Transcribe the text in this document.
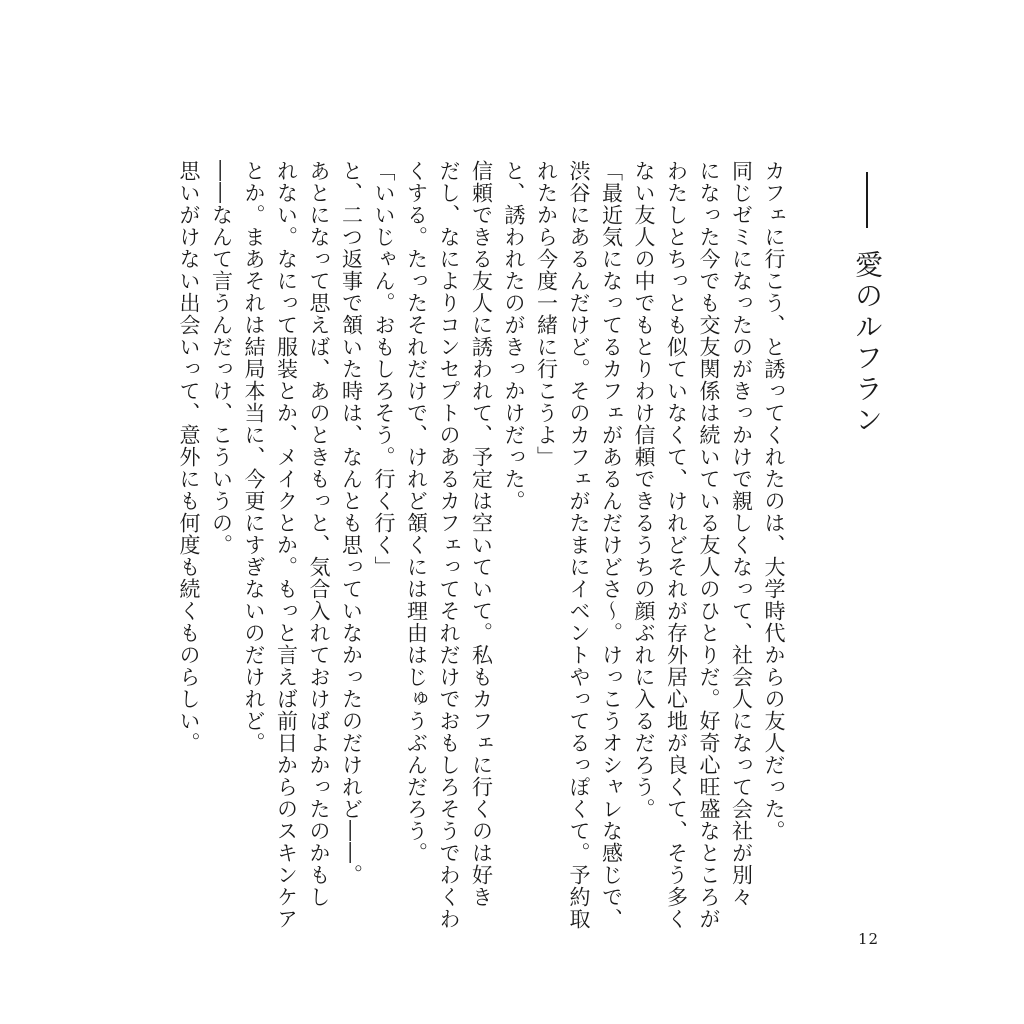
愛のルフラン

カフェに行こう、と誘ってくれたのは、大学時代からの友人だった。

同じゼミになったのがきっかけで親しくなって、社会人になって会社が別々

になった今でも交友関係は続いている友人のひとりだ。好奇心旺盛なところが

わたしとちっとも似ていなくて、けれどそれが存外居心地が良くて、そう多く

ない友人の中でもとりわけ信頼できるうちの顔ぶれに入るだろう。

「最近気になってるカフェがあるんだけどさ～。けっこうオシャレな感じで、

渋谷にあるんだけど。そのカフェがたまにイベントやってるっぽくて。予約取

れたから今度一緒に行こうよ」

と、誘われたのがきっかけだった。

信頼できる友人に誘われて、予定は空いていて。私もカフェに行くのは好き

だし、なによりコンセプトのあるカフェってそれだけでおもしろそうでわくわ

くする。たったそれだけで、けれど頷くには理由はじゅうぶんだろう。

「いいじゃん。おもしろそう。行く行く」

と、二つ返事で頷いた時は、なんとも思っていなかったのだけれど――。

あとになって思えば、あのときもっと、気合入れておけばよかったのかもし

れない。なにって服装とか、メイクとか。もっと言えば前日からのスキンケア

とか。まあそれは結局本当に、今更にすぎないのだけれど。

――なんて言うんだっけ、こういうの。

思いがけない出会いって、意外にも何度も続くものらしい。

12
